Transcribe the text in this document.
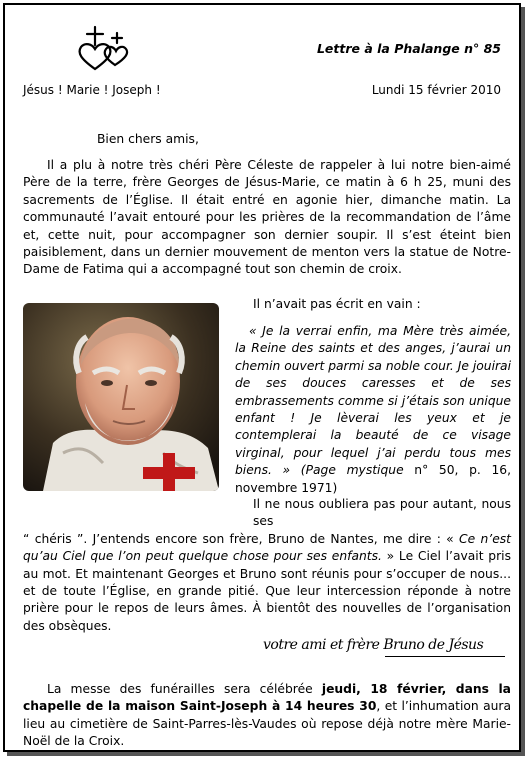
Lettre à la Phalange n° 85
Jésus ! Marie ! Joseph !	Lundi 15 février 2010
Bien chers amis,
Il a plu à notre très chéri Père Céleste de rappeler à lui notre bien-aimé Père de la terre, frère Georges de Jésus-Marie, ce matin à 6 h 25, muni des sacrements de l’Église. Il était entré en agonie hier, dimanche matin. La communauté l’avait entouré pour les prières de la recommandation de l’âme et, cette nuit, pour accompagner son dernier soupir. Il s’est éteint bien paisiblement, dans un dernier mouvement de menton vers la statue de Notre-Dame de Fatima qui a accompagné tout son chemin de croix.
Il n’avait pas écrit en vain :
« Je la verrai enfin, ma Mère très aimée, la Reine des saints et des anges, j’aurai un chemin ouvert parmi sa noble cour. Je jouirai de ses douces caresses et de ses embrassements comme si j’étais son unique enfant ! Je lèverai les yeux et je contemplerai la beauté de ce visage virginal, pour lequel j’ai perdu tous mes biens. » (Page mystique n° 50, p. 16, novembre 1971)
Il ne nous oubliera pas pour autant, nous ses
“ chéris ”. J’entends encore son frère, Bruno de Nantes, me dire : « Ce n’est qu’au Ciel que l’on peut quelque chose pour ses enfants. » Le Ciel l’avait pris au mot. Et maintenant Georges et Bruno sont réunis pour s’occuper de nous... et de toute l’Église, en grande pitié. Que leur intercession réponde à notre prière pour le repos de leurs âmes. À bientôt des nouvelles de l’organisation des obsèques.
votre ami et frère Bruno de Jésus
La messe des funérailles sera célébrée jeudi, 18 février, dans la chapelle de la maison Saint-Joseph à 14 heures 30, et l’inhumation aura lieu au cimetière de Saint-Parres-lès-Vaudes où repose déjà notre mère Marie-Noël de la Croix.
